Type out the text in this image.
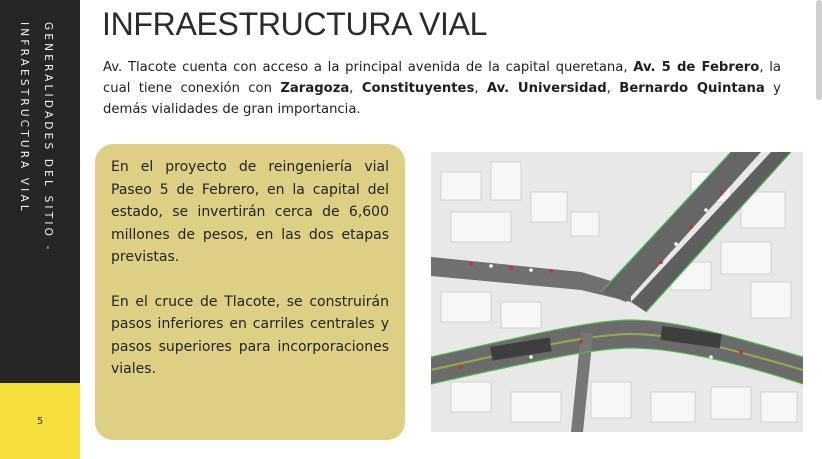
GENERALIDADES DEL SITIO -
INFRAESTRUCTURA VIAL
5
INFRAESTRUCTURA VIAL

Av. Tlacote cuenta con acceso a la principal avenida de la capital queretana, Av. 5 de Febrero, la cual tiene conexión con Zaragoza, Constituyentes, Av. Universidad, Bernardo Quintana y demás vialidades de gran importancia.

En el proyecto de reingeniería vial Paseo 5 de Febrero, en la capital del estado, se invertirán cerca de 6,600 millones de pesos, en las dos etapas previstas.

En el cruce de Tlacote, se construirán pasos inferiores en carriles centrales y pasos superiores para incorporaciones viales.
